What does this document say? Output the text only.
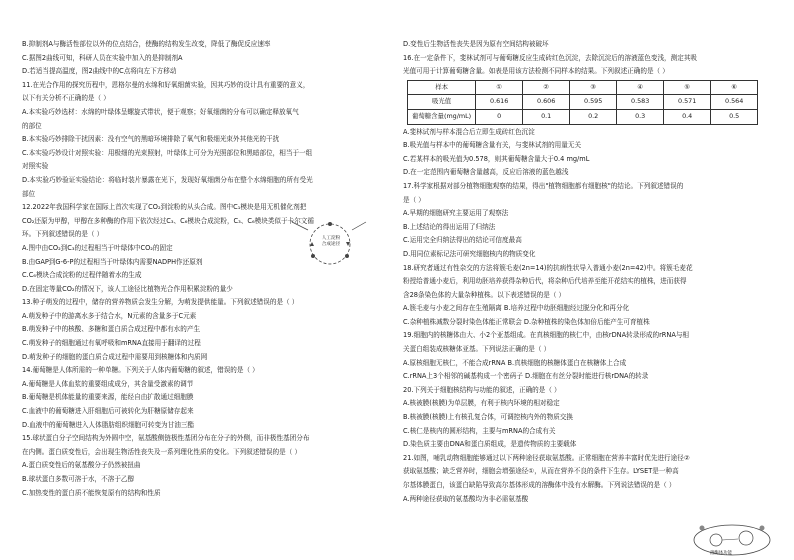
B.抑制剂A与酶活性部位以外的位点结合，使酶的结构发生改变，降低了酶促反应速率
C.据图2曲线可知，科研人员在实验中加入的是抑制剂A
D.若适当提高温度，图2曲线中的C点将向左下方移动
11.在光合作用的探究历程中，恩格尔曼的水绵和好氧细菌实验，因其巧妙的设计具有重要的意义，
以下有关分析不正确的是（ ）
A.本实验巧妙选材：水绵的叶绿体呈螺旋式带状，便于观察；好氧细菌的分布可以确定释放氧气
的部位
B.本实验巧妙排除干扰因素：没有空气的黑暗环境排除了氧气和极细光束外其他光的干扰
C.本实验巧妙设计对照实验：用极细的光束照射，叶绿体上可分为光照部位和黑暗部位，相当于一组
对照实验
D.本实验巧妙验证实验结论：将临时装片暴露在光下，发现好氧细菌分布在整个水绵细胞的所有受光
部位
12.2022年我国科学家在国际上首次实现了CO₂到淀粉的从头合成。图中C₁模块是用无机催化剂把
CO₂还原为甲醇，甲醇在多种酶的作用下依次经过C₃、C₆模块合成淀粉，C₃、C₆模块类似于卡尔文循
环。下列叙述错误的是（ ）
A.图中由CO₂到C₃的过程相当于叶绿体中CO₂的固定
B.由GAP到G-6-P的过程相当于叶绿体内需要NADPH作还原剂
C.C₆模块合成淀粉的过程伴随着水的生成
D.在固定等量CO₂的情况下，该人工途径比植物光合作用积累淀粉的量少
13.种子萌发的过程中，储存的营养物质会发生分解，为萌发提供能量。下列叙述错误的是（ ）
A.萌发种子中的游离水多于结合水，N元素的含量多于C元素
B.萌发种子中的核酸、多糖和蛋白质合成过程中都有水的产生
C.萌发种子的细胞通过有氧呼吸和mRNA直接用于翻译的过程
D.萌发种子的细胞的蛋白质合成过程中需要用到核糖体和内质网
14.葡萄糖是人体所需的一种单糖。下列关于人体内葡萄糖的叙述，错误的是（ ）
A.葡萄糖是人体血浆的重要组成成分，其含量受激素的调节
B.葡萄糖是机体能量的重要来源，能经自由扩散通过细胞膜
C.血液中的葡萄糖进入肝细胞后可被转化为肝糖原储存起来
D.血液中的葡萄糖进入人体脂肪组织细胞可转变为甘油三酯
15.球状蛋白分子空间结构为外圆中空，氨基酸侧链极性基团分布在分子的外侧，而非极性基团分布
在内侧。蛋白质变性后，会出现生物活性丧失及一系列理化性质的变化。下列叙述错误的是（ ）
A.蛋白质变性后的氨基酸分子仍然被扭曲
B.球状蛋白多数可溶于水，不溶于乙醇
C.加热变性的蛋白质不能恢复原有的结构和性质
D.变性后生物活性丧失是因为原有空间结构被破坏
16.在一定条件下，斐林试剂可与葡萄糖反应生成砖红色沉淀，去除沉淀后的溶液蓝色变浅，测定其吸
光值可用于计算葡萄糖含量。如表是用该方法检测不同样本的结果。下列叙述正确的是（ ）
样本	①	②	③	④	⑤	⑥
吸光值	0.616	0.606	0.595	0.583	0.571	0.564
葡萄糖含量(mg/mL)	0	0.1	0.2	0.3	0.4	0.5
A.斐林试剂与样本混合后立即生成砖红色沉淀
B.吸光值与样本中的葡萄糖含量有关，与斐林试剂的用量无关
C.若某样本的吸光值为0.578，则其葡萄糖含量大于0.4 mg/mL
D.在一定范围内葡萄糖含量越高，反应后溶液的蓝色越浅
17.科学家根据对部分植物细胞观察的结果，得出"植物细胞都有细胞核"的结论。下列叙述错误的
是（ ）
A.早期的细胞研究主要运用了观察法
B.上述结论的得出运用了归纳法
C.运用完全归纳法得出的结论可信度最高
D.用同位素标记法可研究细胞核内的物质变化
18.研究者通过有性杂交的方法将簇毛麦(2n=14)的抗病性状导入普通小麦(2n=42)中。将簇毛麦花
粉授给普通小麦后，利用幼胚培养获得杂种后代，将杂种后代培养至能开花结实的植株，进而获得
含28条染色体的大量杂种植株。以下表述错误的是（ ）
A.簇毛麦与小麦之间存在生殖隔离 B.培养过程中幼胚细胞经过脱分化和再分化
C.杂种植株减数分裂时染色体能正常联会 D.杂种植株的染色体加倍后能产生可育植株
19.细胞内的核糖体由大、小2个亚基组成。在真核细胞的核仁中，由核rDNA转录形成的rRNA与相
关蛋白组装成核糖体亚基。下列说法正确的是（ ）
A.原核细胞无核仁，不能合成rRNA B.真核细胞的核糖体蛋白在核糖体上合成
C.rRNA上3个相邻的碱基构成一个密码子 D.细胞在有丝分裂时能进行核rDNA的转录
20.下列关于细胞核结构与功能的叙述，正确的是（ ）
A.核被膜(核膜)为单层膜，有利于核内环境的相对稳定
B.核被膜(核膜)上有核孔复合体，可调控核内外的物质交换
C.核仁是核内的圆形结构，主要与mRNA的合成有关
D.染色质主要由DNA和蛋白质组成，是遗传物质的主要载体
21.如图，哺乳动物细胞能够通过以下两种途径获取氨基酸。正常细胞在营养丰富时优先进行途径②
获取氨基酸；缺乏营养时，细胞会增强途径①，从而在营养不良的条件下生存。LYSET是一种高
尔基体膜蛋白，该蛋白缺陷导致高尔基体形成的溶酶体中没有水解酶。下列说法错误的是（ ）
A.两种途径获取的氨基酸均为非必需氨基酸
人工淀粉
合成途径
溶酶体功能
